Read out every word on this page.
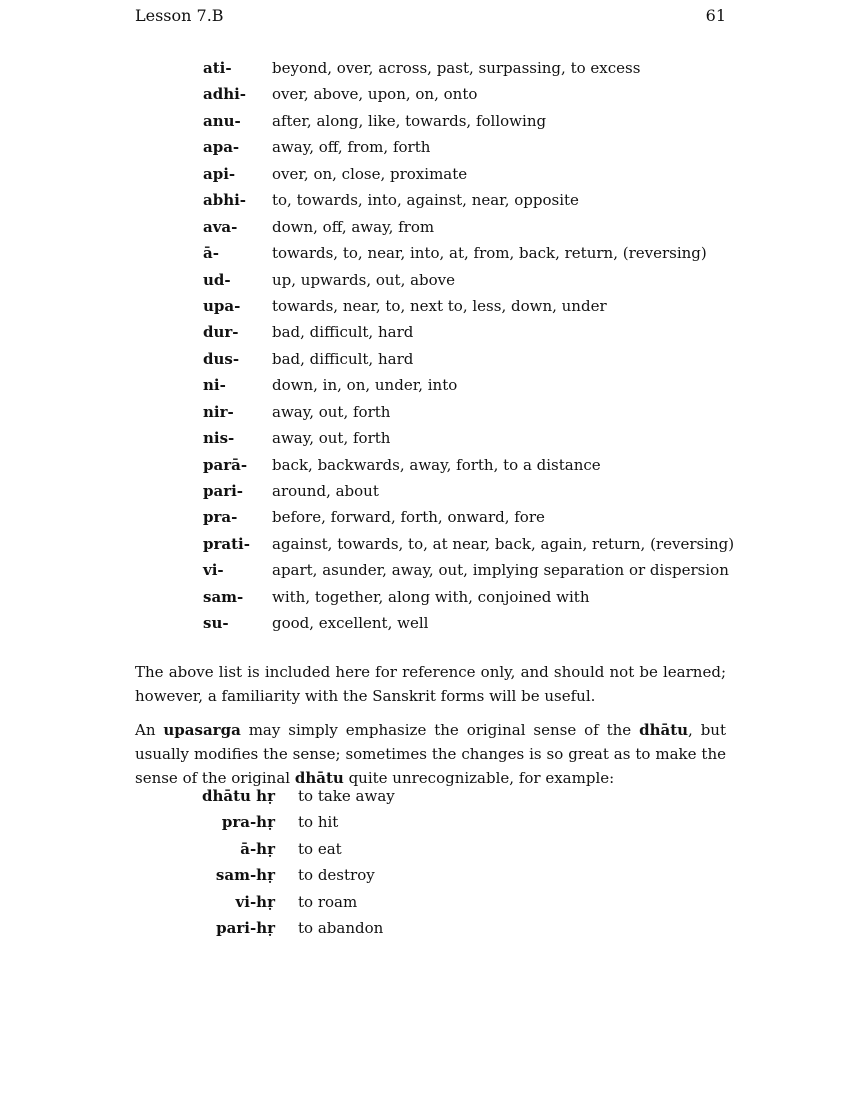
Lesson 7.B	61
ati-	beyond, over, across, past, surpassing, to excess
adhi- over, above, upon, on, onto
anu- after, along, like, towards, following
apa- away, off, from, forth
api- over, on, close, proximate
abhi- to, towards, into, against, near, opposite
ava- down, off, away, from
ā-	towards, to, near, into, at, from, back, return, (reversing)
ud-	up, upwards, out, above
upa- towards, near, to, next to, less, down, under
dur- bad, difficult, hard
dus- bad, difficult, hard
ni-	down, in, on, under, into
nir-	away, out, forth
nis-	away, out, forth
parā- back, backwards, away, forth, to a distance
pari- around, about
pra- before, forward, forth, onward, fore
prati- against, towards, to, at near, back, again, return, (reversing)
vi-	apart, asunder, away, out, implying separation or dispersion
sam- with, together, along with, conjoined with
su-	good, excellent, well

The above list is included here for reference only, and should not be learned; however, a familiarity with the Sanskrit forms will be useful.

An upasarga may simply emphasize the original sense of the dhātu, but usually modifies the sense; sometimes the changes is so great as to make the sense of the original dhātu quite unrecognizable, for example:

dhātu hṛ to take away
pra-hṛ to hit
ā-hṛ to eat
sam-hṛ to destroy
vi-hṛ to roam
pari-hṛ to abandon
